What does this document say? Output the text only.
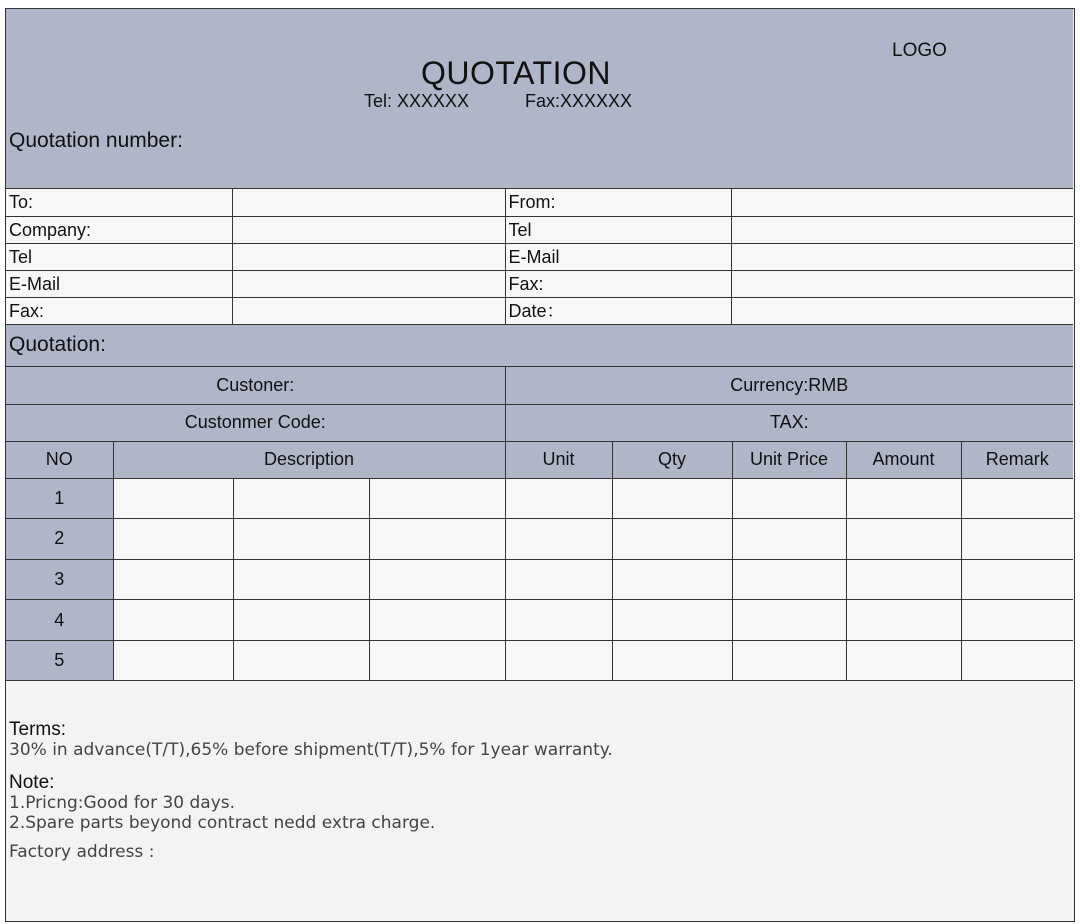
QUOTATION
Tel: XXXXXX	Fax:XXXXXX
LOGO
Quotation number:
To:		From:	
Company:		Tel	
Tel		E-Mail	
E-Mail		Fax:	
Fax:		Date：	
Quotation:
Custoner:				Currency:RMB				
Custonmer Code:				TAX:				
NO	Description			Unit	Qty	Unit Price	Amount	Remark
1								
2								
3								
4								
5								
Terms:
30% in advance(T/T),65% before shipment(T/T),5% for 1year warranty.
Note:
1.Pricng:Good for 30 days.
2.Spare parts beyond contract nedd extra charge.
Factory address :
